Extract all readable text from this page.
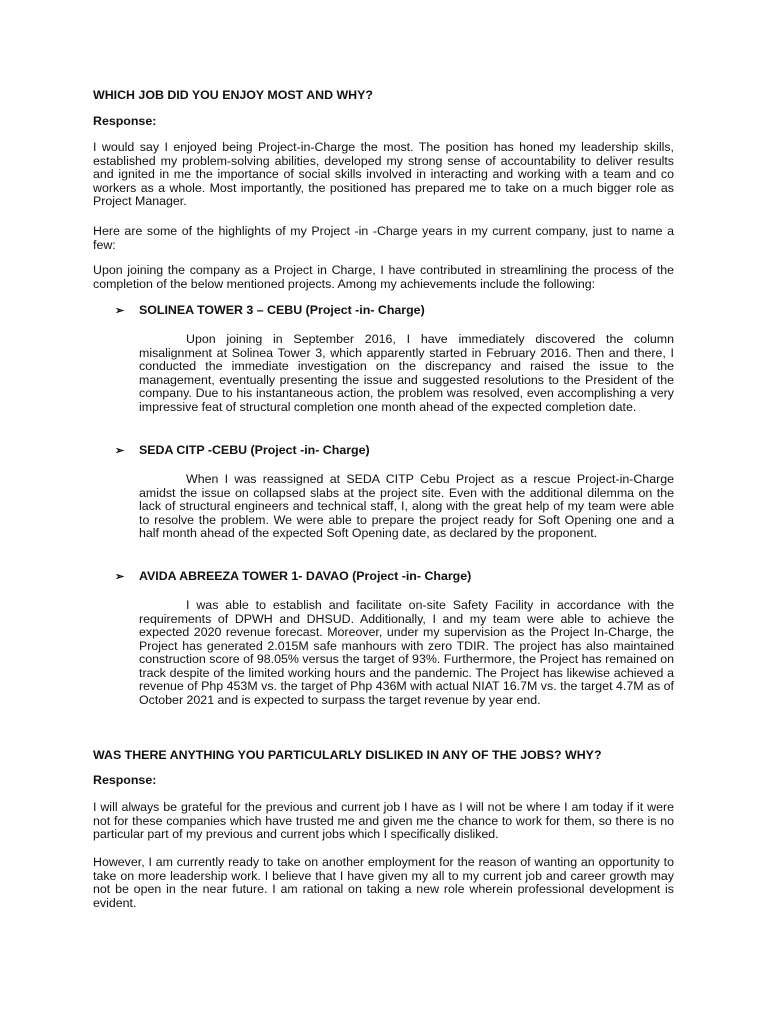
WHICH JOB DID YOU ENJOY MOST AND WHY?

Response:

I would say I enjoyed being Project-in-Charge the most. The position has honed my leadership skills, established my problem-solving abilities, developed my strong sense of accountability to deliver results and ignited in me the importance of social skills involved in interacting and working with a team and co workers as a whole. Most importantly, the positioned has prepared me to take on a much bigger role as Project Manager.

Here are some of the highlights of my Project -in -Charge years in my current company, just to name a few:

Upon joining the company as a Project in Charge, I have contributed in streamlining the process of the completion of the below mentioned projects. Among my achievements include the following:

➢	SOLINEA TOWER 3 – CEBU (Project -in- Charge)

Upon joining in September 2016, I have immediately discovered the column misalignment at Solinea Tower 3, which apparently started in February 2016. Then and there, I conducted the immediate investigation on the discrepancy and raised the issue to the management, eventually presenting the issue and suggested resolutions to the President of the company. Due to his instantaneous action, the problem was resolved, even accomplishing a very impressive feat of structural completion one month ahead of the expected completion date.

➢	SEDA CITP -CEBU (Project -in- Charge)

When I was reassigned at SEDA CITP Cebu Project as a rescue Project-in-Charge amidst the issue on collapsed slabs at the project site. Even with the additional dilemma on the lack of structural engineers and technical staff, I, along with the great help of my team were able to resolve the problem. We were able to prepare the project ready for Soft Opening one and a half month ahead of the expected Soft Opening date, as declared by the proponent.

➢	AVIDA ABREEZA TOWER 1- DAVAO (Project -in- Charge)

I was able to establish and facilitate on-site Safety Facility in accordance with the requirements of DPWH and DHSUD. Additionally, I and my team were able to achieve the expected 2020 revenue forecast. Moreover, under my supervision as the Project In-Charge, the Project has generated 2.015M safe manhours with zero TDIR. The project has also maintained construction score of 98.05% versus the target of 93%. Furthermore, the Project has remained on track despite of the limited working hours and the pandemic. The Project has likewise achieved a revenue of Php 453M vs. the target of Php 436M with actual NIAT 16.7M vs. the target 4.7M as of October 2021 and is expected to surpass the target revenue by year end.

WAS THERE ANYTHING YOU PARTICULARLY DISLIKED IN ANY OF THE JOBS? WHY?

Response:

I will always be grateful for the previous and current job I have as I will not be where I am today if it were not for these companies which have trusted me and given me the chance to work for them, so there is no particular part of my previous and current jobs which I specifically disliked.

However, I am currently ready to take on another employment for the reason of wanting an opportunity to take on more leadership work. I believe that I have given my all to my current job and career growth may not be open in the near future. I am rational on taking a new role wherein professional development is evident.
